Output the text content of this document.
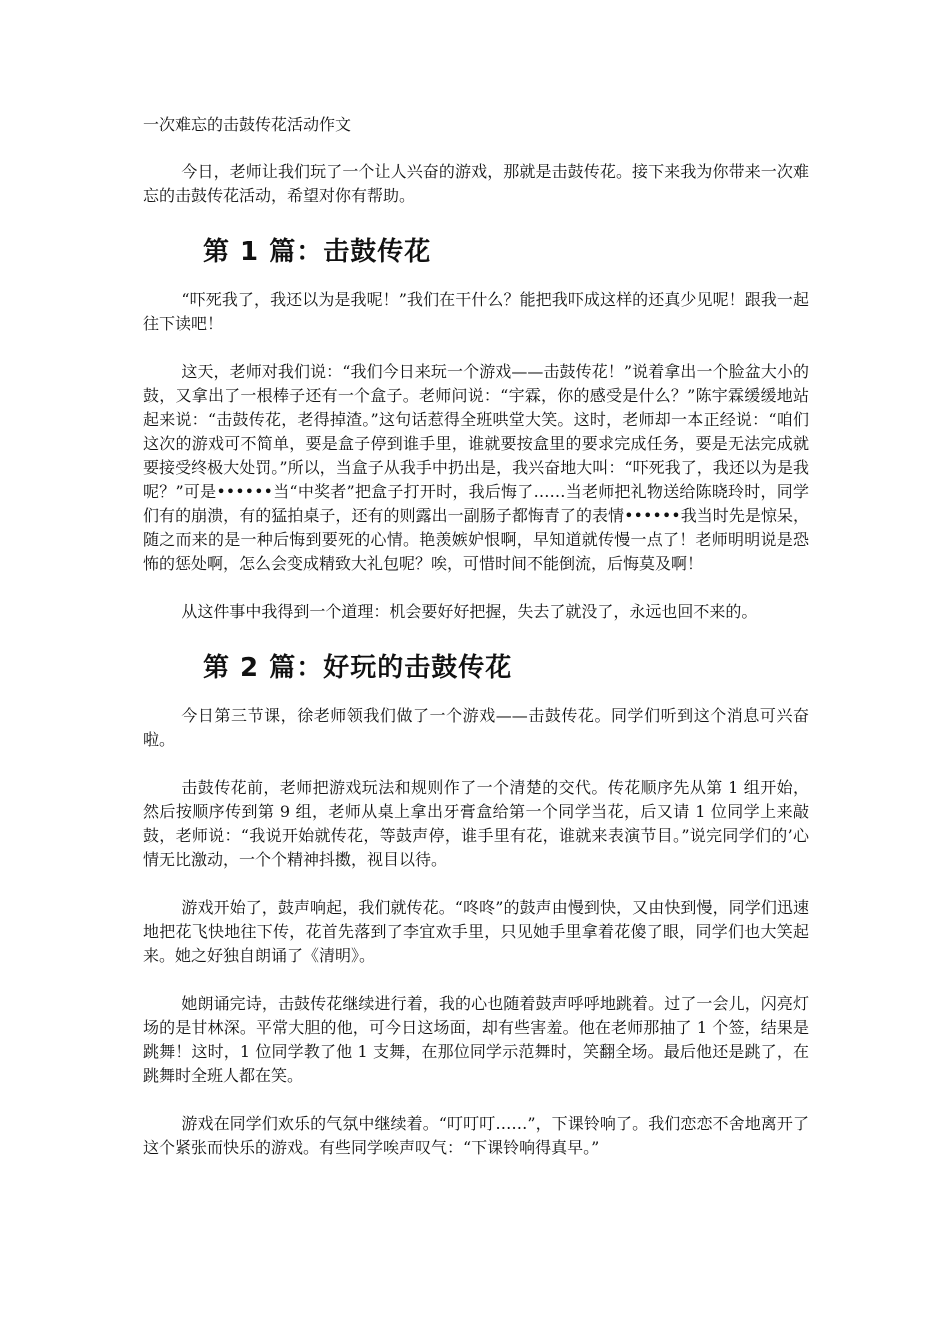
一次难忘的击鼓传花活动作文

今日，老师让我们玩了一个让人兴奋的游戏，那就是击鼓传花。接下来我为你带来一次难忘的击鼓传花活动，希望对你有帮助。

第 1 篇：击鼓传花

“吓死我了，我还以为是我呢！”我们在干什么？能把我吓成这样的还真少见呢！跟我一起往下读吧！

这天，老师对我们说：“我们今日来玩一个游戏——击鼓传花！”说着拿出一个脸盆大小的鼓，又拿出了一根棒子还有一个盒子。老师问说：“宇霖，你的感受是什么？”陈宇霖缓缓地站起来说：“击鼓传花，老得掉渣。”这句话惹得全班哄堂大笑。这时，老师却一本正经说：“咱们这次的游戏可不简单，要是盒子停到谁手里，谁就要按盒里的要求完成任务，要是无法完成就要接受终极大处罚。”所以，当盒子从我手中扔出是，我兴奋地大叫：“吓死我了，我还以为是我呢？”可是••••••当“中奖者”把盒子打开时，我后悔了……当老师把礼物送给陈晓玲时，同学们有的崩溃，有的猛拍桌子，还有的则露出一副肠子都悔青了的表情••••••我当时先是惊呆，随之而来的是一种后悔到要死的心情。艳羡嫉妒恨啊，早知道就传慢一点了！老师明明说是恐怖的惩处啊，怎么会变成精致大礼包呢？唉，可惜时间不能倒流，后悔莫及啊！

从这件事中我得到一个道理：机会要好好把握，失去了就没了，永远也回不来的。

第 2 篇：好玩的击鼓传花

今日第三节课，徐老师领我们做了一个游戏——击鼓传花。同学们听到这个消息可兴奋啦。

击鼓传花前，老师把游戏玩法和规则作了一个清楚的交代。传花顺序先从第 1 组开始，然后按顺序传到第 9 组，老师从桌上拿出牙膏盒给第一个同学当花，后又请 1 位同学上来敲鼓，老师说：“我说开始就传花，等鼓声停，谁手里有花，谁就来表演节目。”说完同学们的’心情无比激动，一个个精神抖擞，视目以待。

游戏开始了，鼓声响起，我们就传花。“咚咚”的鼓声由慢到快，又由快到慢，同学们迅速地把花飞快地往下传，花首先落到了李宜欢手里，只见她手里拿着花傻了眼，同学们也大笑起来。她之好独自朗诵了《清明》。

她朗诵完诗，击鼓传花继续进行着，我的心也随着鼓声呼呼地跳着。过了一会儿，闪亮灯场的是甘林深。平常大胆的他，可今日这场面，却有些害羞。他在老师那抽了 1 个签，结果是跳舞！这时，1 位同学教了他 1 支舞，在那位同学示范舞时，笑翻全场。最后他还是跳了，在跳舞时全班人都在笑。

游戏在同学们欢乐的气氛中继续着。“叮叮叮……”，下课铃响了。我们恋恋不舍地离开了这个紧张而快乐的游戏。有些同学唉声叹气：“下课铃响得真早。”
